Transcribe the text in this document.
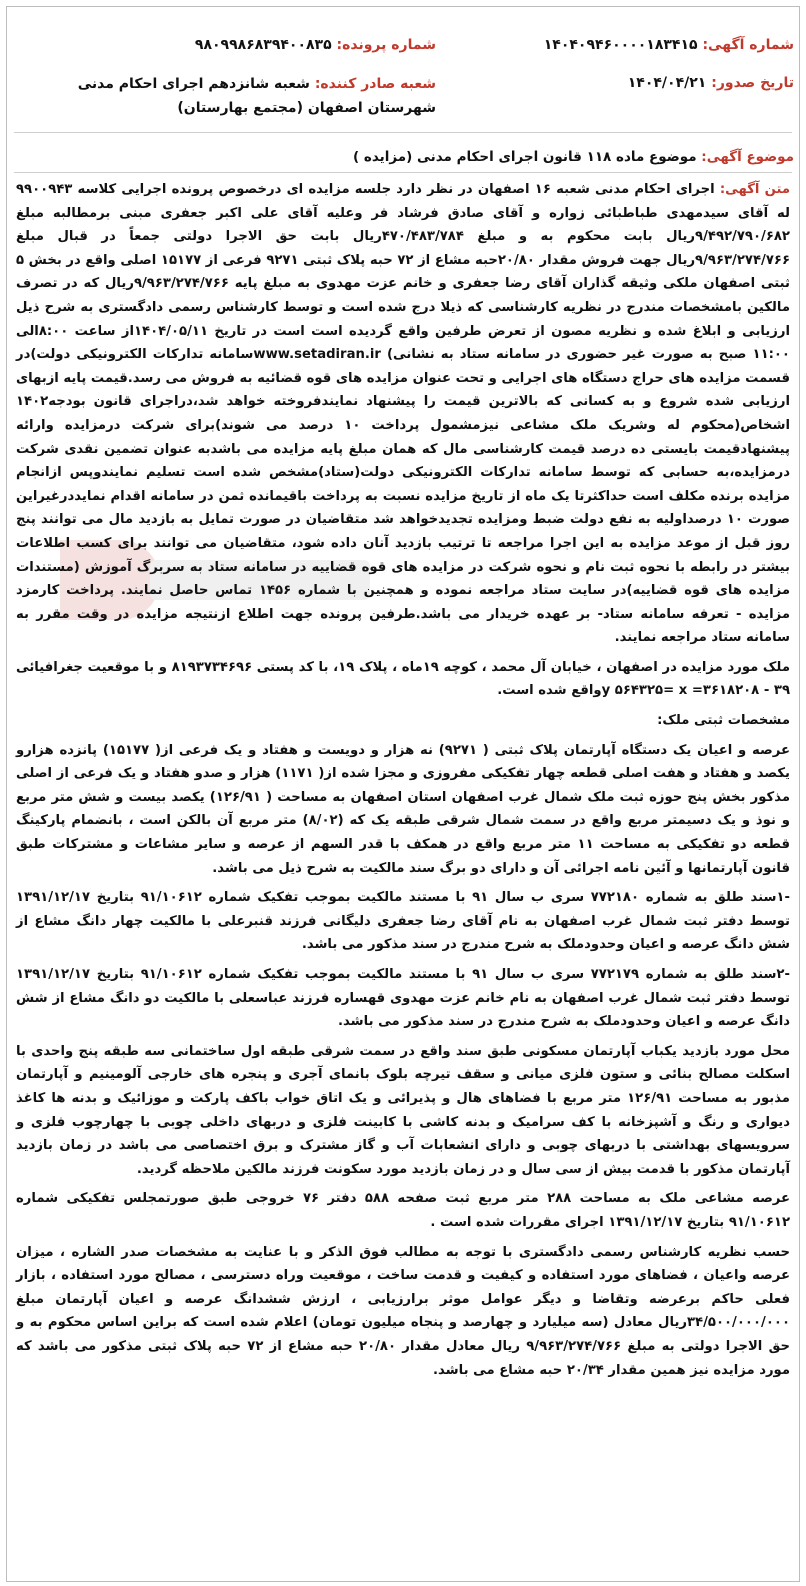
شماره آگهی: ۱۴۰۴۰۹۴۶۰۰۰۰۱۸۳۴۱۵
شماره پرونده: ۹۸۰۹۹۸۶۸۳۹۴۰۰۸۳۵
تاریخ صدور: ۱۴۰۴/۰۴/۲۱
شعبه صادر کننده: شعبه شانزدهم اجرای احکام مدنی شهرستان اصفهان (مجتمع بهارستان)
موضوع آگهی: موضوع ماده ۱۱۸ قانون اجرای احکام مدنی (مزایده )

متن آگهی: اجرای احکام مدنی شعبه ۱۶ اصفهان در نظر دارد جلسه مزایده ای درخصوص پرونده اجرایی کلاسه ۹۹۰۰۹۴۳ له آقای سیدمهدی طباطبائی زواره و آقای صادق فرشاد فر وعلیه آقای علی اکبر جعفری مبنی برمطالبه مبلغ ۹/۴۹۲/۷۹۰/۶۸۲ریال بابت محکوم به و مبلغ ۴۷۰/۴۸۳/۷۸۴ریال بابت حق الاجرا دولتی جمعاً در قبال مبلغ ۹/۹۶۳/۲۷۴/۷۶۶ریال جهت فروش مقدار ۲۰/۸۰حبه مشاع از ۷۲ حبه پلاک ثبتی ۹۲۷۱ فرعی از ۱۵۱۷۷ اصلی واقع در بخش ۵ ثبتی اصفهان ملکی وثیقه گذاران آقای رضا جعفری و خانم عزت مهدوی به مبلغ پایه ۹/۹۶۳/۲۷۴/۷۶۶ریال که در تصرف مالکین بامشخصات مندرج در نظریه کارشناسی که ذیلا درج شده است و توسط کارشناس رسمی دادگستری به شرح ذیل ارزیابی و ابلاغ شده و نظریه مصون از تعرض طرفین واقع گردیده است است در تاریخ ۱۴۰۴/۰۵/۱۱از ساعت ۸:۰۰الی ۱۱:۰۰ صبح به صورت غیر حضوری در سامانه ستاد به نشانی) www.setadiran.irسامانه تدارکات الکترونیکی دولت)در قسمت مزایده های حراج دستگاه های اجرایی و تحت عنوان مزایده های قوه قضائیه به فروش می رسد.قیمت پایه ازبهای ارزیابی شده شروع و به کسانی که بالاترین قیمت را پیشنهاد نمایندفروخته خواهد شد،دراجرای قانون بودجه۱۴۰۲ اشخاص(محکوم له وشریک ملک مشاعی نیزمشمول پرداخت ۱۰ درصد می شوند)برای شرکت درمزایده وارائه پیشنهادقیمت بایستی ده درصد قیمت کارشناسی مال که همان مبلغ پایه مزایده می باشدبه عنوان تضمین نقدی شرکت درمزایده،به حسابی که توسط سامانه تدارکات الکترونیکی دولت(ستاد)مشخص شده است تسلیم نمایندوپس ازانجام مزایده برنده مکلف است حداکثرتا یک ماه از تاریخ مزایده نسبت به پرداخت باقیمانده ثمن در سامانه اقدام نمایددرغیراین صورت ۱۰ درصداولیه به نفع دولت ضبط ومزایده تجدیدخواهد شد متقاضیان در صورت تمایل به بازدید مال می توانند پنج روز قبل از موعد مزایده به این اجرا مراجعه تا ترتیب بازدید آنان داده شود، متقاضیان می توانند برای کسب اطلاعات بیشتر در رابطه با نحوه ثبت نام و نحوه شرکت در مزایده های قوه قضاییه در سامانه ستاد به سربرگ آموزش (مستندات مزایده های قوه قضاییه)در سایت ستاد مراجعه نموده و همچنین با شماره ۱۴۵۶ تماس حاصل نمایند. پرداخت کارمزد مزایده - تعرفه سامانه ستاد- بر عهده خریدار می باشد.طرفین پرونده جهت اطلاع ازنتیجه مزایده در وقت مقرر به سامانه ستاد مراجعه نمایند.

ملک مورد مزایده در اصفهان ، خیابان آل محمد ، کوچه ۱۹ماه ، پلاک ۱۹، با کد پستی ۸۱۹۳۷۳۴۶۹۶ و با موقعیت جغرافیائی ۳۹ - ۳۶۱۸۲۰۸= y ۵۶۴۳۲۵= xواقع شده است.

مشخصات ثبتی ملک:

عرصه و اعیان یک دستگاه آپارتمان پلاک ثبتی ( ۹۲۷۱) نه هزار و دویست و هفتاد و یک فرعی از( ۱۵۱۷۷) پانزده هزارو یکصد و هفتاد و هفت اصلی قطعه چهار تفکیکی مفروزی و مجزا شده از( ۱۱۷۱) هزار و صدو هفتاد و یک فرعی از اصلی مذکور بخش پنج حوزه ثبت ملک شمال غرب اصفهان استان اصفهان به مساحت ( ۱۲۶/۹۱) یکصد بیست و شش متر مربع و نوذ و یک دسیمتر مربع واقع در سمت شمال شرقی طبقه یک که (۸/۰۲) متر مربع آن بالکن است ، بانضمام پارکینگ قطعه دو تفکیکی به مساحت ۱۱ متر مربع واقع در همکف با قدر السهم از عرصه و سایر مشاعات و مشترکات طبق قانون آپارتمانها و آئین نامه اجرائی آن و دارای دو برگ سند مالکیت به شرح ذیل می باشد.

-۱سند طلق به شماره ۷۷۲۱۸۰ سری ب سال ۹۱ با مستند مالکیت بموجب تفکیک شماره ۹۱/۱۰۶۱۲ بتاریخ ۱۳۹۱/۱۲/۱۷ توسط دفتر ثبت شمال غرب اصفهان به نام آقای رضا جعفری دلیگانی فرزند قنبرعلی با مالکیت چهار دانگ مشاع از شش دانگ عرصه و اعیان وحدودملک به شرح مندرج در سند مذکور می باشد.

-۲سند طلق به شماره ۷۷۲۱۷۹ سری ب سال ۹۱ با مستند مالکیت بموجب تفکیک شماره ۹۱/۱۰۶۱۲ بتاریخ ۱۳۹۱/۱۲/۱۷ توسط دفتر ثبت شمال غرب اصفهان به نام خانم عزت مهدوی قهساره فرزند عباسعلی با مالکیت دو دانگ مشاع از شش دانگ عرصه و اعیان وحدودملک به شرح مندرج در سند مذکور می باشد.

محل مورد بازدید یکباب آپارتمان مسکونی طبق سند واقع در سمت شرقی طبقه اول ساختمانی سه طبقه پنج واحدی با اسکلت مصالح بنائی و ستون فلزی میانی و سقف تیرچه بلوک بانمای آجری و پنجره های خارجی آلومینیم و آپارتمان مذبور به مساحت ۱۲۶/۹۱ متر مربع با فضاهای هال و پذیرائی و یک اتاق خواب باکف پارکت و موزائیک و بدنه ها کاغذ دیواری و رنگ و آشپزخانه با کف سرامیک و بدنه کاشی با کابینت فلزی و دربهای داخلی چوبی با چهارچوب فلزی و سرویسهای بهداشتی با دربهای چوبی و دارای انشعابات آب و گاز مشترک و برق اختصاصی می باشد در زمان بازدید آپارتمان مذکور با قدمت بیش از سی سال و در زمان بازدید مورد سکونت فرزند مالکین ملاحظه گردید.

عرصه مشاعی ملک به مساحت ۲۸۸ متر مربع ثبت صفحه ۵۸۸ دفتر ۷۶ خروجی طبق صورتمجلس تفکیکی شماره ۹۱/۱۰۶۱۲ بتاریخ ۱۳۹۱/۱۲/۱۷ اجرای مقررات شده است .

حسب نظریه کارشناس رسمی دادگستری با توجه به مطالب فوق الذکر و با عنایت به مشخصات صدر الشاره ، میزان عرصه واعیان ، فضاهای مورد استفاده و کیفیت و قدمت ساخت ، موقعیت وراه دسترسی ، مصالح مورد استفاده ، بازار فعلی حاکم برعرضه وتقاضا و دیگر عوامل موثر برارزیابی ، ارزش ششدانگ عرصه و اعیان آپارتمان مبلغ ۳۴/۵۰۰/۰۰۰/۰۰۰ریال معادل (سه میلیارد و چهارصد و پنجاه میلیون تومان) اعلام شده است که براین اساس محکوم به و حق الاجرا دولتی به مبلغ ۹/۹۶۳/۲۷۴/۷۶۶ ریال معادل مقدار ۲۰/۸۰ حبه مشاع از ۷۲ حبه پلاک ثبتی مذکور می باشد که مورد مزایده نیز همین مقدار ۲۰/۳۴ حبه مشاع می باشد.
